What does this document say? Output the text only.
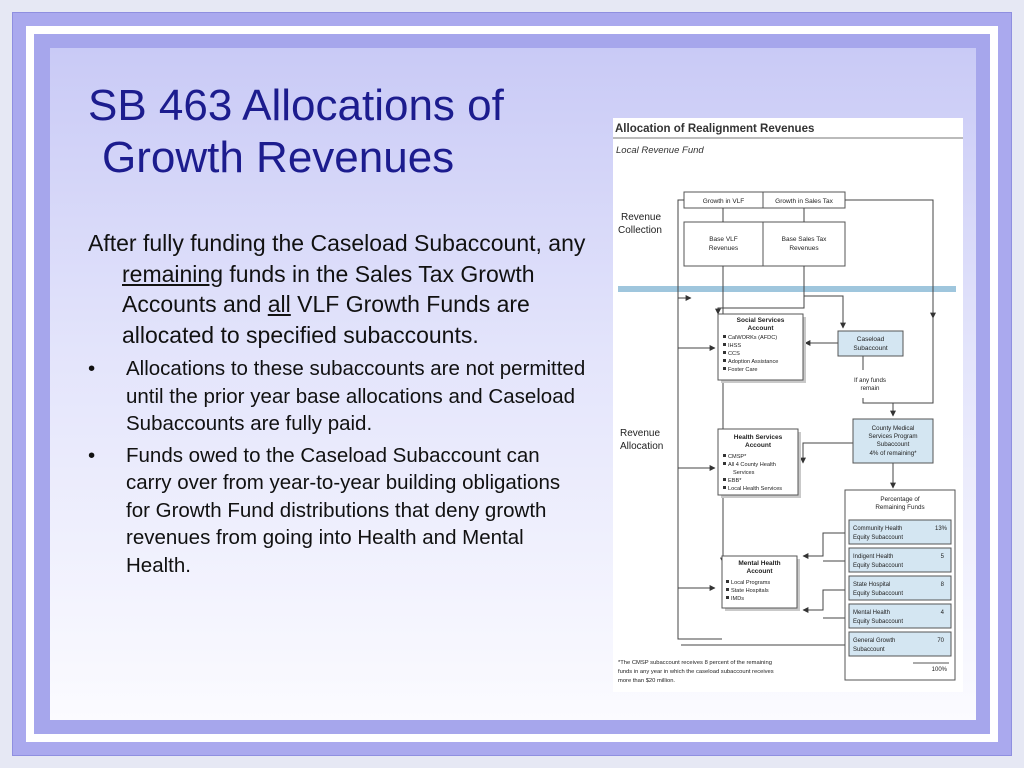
SB 463 Allocations of
Growth Revenues

After fully funding the Caseload Subaccount, any remaining funds in the Sales Tax Growth Accounts and all VLF Growth Funds are allocated to specified subaccounts.

• Allocations to these subaccounts are not permitted until the prior year base allocations and Caseload Subaccounts are fully paid.
• Funds owed to the Caseload Subaccount can carry over from year-to-year building obligations for Growth Fund distributions that deny growth revenues from going into Health and Mental Health.
Allocation of Realignment Revenues
Local Revenue Fund
Revenue
Collection
Growth in VLF	Growth in Sales Tax
Base VLF
Revenues
Base Sales Tax
Revenues
Revenue
Allocation
Social Services
Account
CalWORKs (AFDC)
IHSS
CCS
Adoption Assistance
Foster Care
Caseload
Subaccount
If any funds
remain
County Medical
Services Program
Subaccount
4% of remaining*
Health Services
Account
CMSP*
All 4 County Health
Services
EBB*
Local Health Services
Mental Health
Account
Local Programs
State Hospitals
IMDs
Percentage of
Remaining Funds
Community Health
Equity Subaccount
13%
Indigent Health
Equity Subaccount
5
State Hospital
Equity Subaccount
8
Mental Health
Equity Subaccount
4
General Growth
Subaccount
70
100%
*The CMSP subaccount receives 8 percent of the remaining
funds in any year in which the caseload subaccount receives
more than $20 million.
